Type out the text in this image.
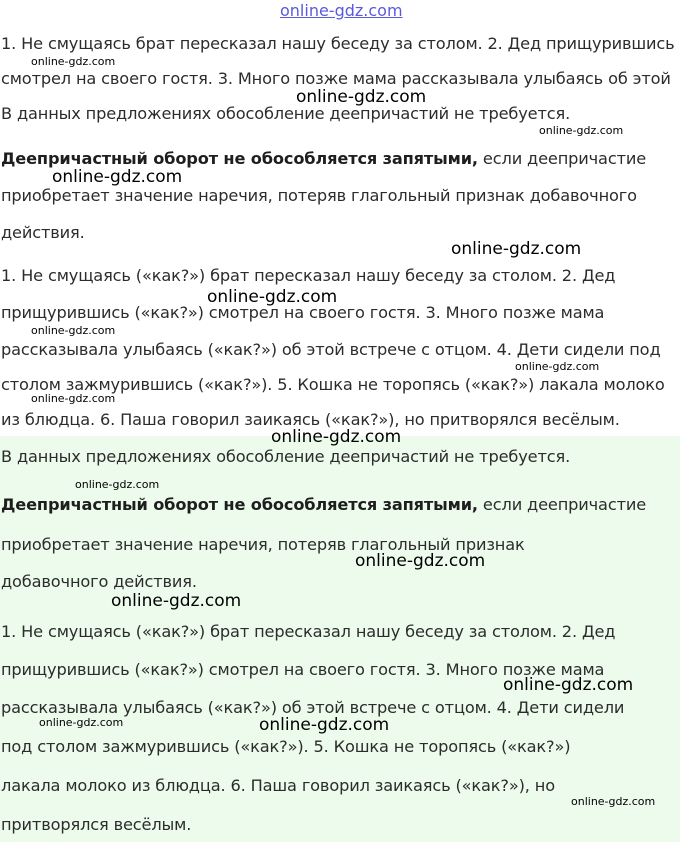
online-gdz.com
1. Не смущаясь брат пересказал нашу беседу за столом. 2. Дед прищурившись
смотрел на своего гостя. 3. Много позже мама рассказывала улыбаясь об этой
В данных предложениях обособление деепричастий не требуется.
Деепричастный оборот не обособляется запятыми, если деепричастие
приобретает значение наречия, потеряв глагольный признак добавочного
действия.
1. Не смущаясь («как?») брат пересказал нашу беседу за столом. 2. Дед
прищурившись («как?») смотрел на своего гостя. 3. Много позже мама
рассказывала улыбаясь («как?») об этой встрече с отцом. 4. Дети сидели под
столом зажмурившись («как?»). 5. Кошка не торопясь («как?») лакала молоко
из блюдца. 6. Паша говорил заикаясь («как?»), но притворялся весёлым.
В данных предложениях обособление деепричастий не требуется.
Деепричастный оборот не обособляется запятыми, если деепричастие
приобретает значение наречия, потеряв глагольный признак
добавочного действия.
1. Не смущаясь («как?») брат пересказал нашу беседу за столом. 2. Дед
прищурившись («как?») смотрел на своего гостя. 3. Много позже мама
рассказывала улыбаясь («как?») об этой встрече с отцом. 4. Дети сидели
под столом зажмурившись («как?»). 5. Кошка не торопясь («как?»)
лакала молоко из блюдца. 6. Паша говорил заикаясь («как?»), но
притворялся весёлым.
online-gdz.com
online-gdz.com
online-gdz.com
online-gdz.com
online-gdz.com
online-gdz.com
online-gdz.com
online-gdz.com
online-gdz.com
online-gdz.com
online-gdz.com
online-gdz.com
online-gdz.com
online-gdz.com
online-gdz.com
online-gdz.com
online-gdz.com
